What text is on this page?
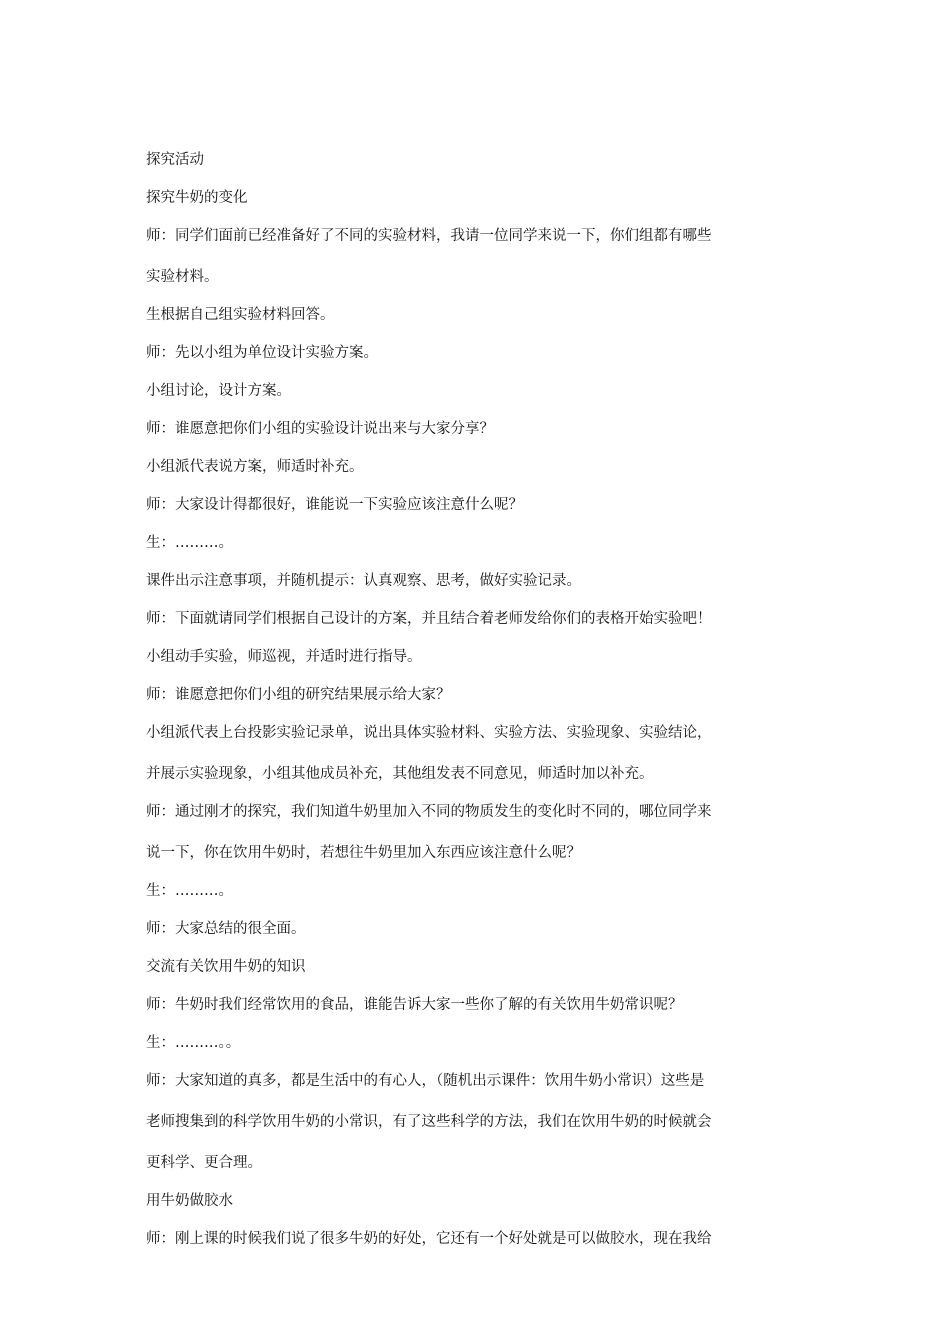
探究活动

探究牛奶的变化

师：同学们面前已经准备好了不同的实验材料，我请一位同学来说一下，你们组都有哪些

实验材料。

生根据自己组实验材料回答。

师：先以小组为单位设计实验方案。

小组讨论，设计方案。

师：谁愿意把你们小组的实验设计说出来与大家分享？

小组派代表说方案，师适时补充。

师：大家设计得都很好，谁能说一下实验应该注意什么呢？

生：………。

课件出示注意事项，并随机提示：认真观察、思考，做好实验记录。

师：下面就请同学们根据自己设计的方案，并且结合着老师发给你们的表格开始实验吧！

小组动手实验，师巡视，并适时进行指导。

师：谁愿意把你们小组的研究结果展示给大家？

小组派代表上台投影实验记录单，说出具体实验材料、实验方法、实验现象、实验结论，

并展示实验现象，小组其他成员补充，其他组发表不同意见，师适时加以补充。

师：通过刚才的探究，我们知道牛奶里加入不同的物质发生的变化时不同的，哪位同学来

说一下，你在饮用牛奶时，若想往牛奶里加入东西应该注意什么呢？

生：………。

师：大家总结的很全面。

交流有关饮用牛奶的知识

师：牛奶时我们经常饮用的食品，谁能告诉大家一些你了解的有关饮用牛奶常识呢？

生：………。。

师：大家知道的真多，都是生活中的有心人，（随机出示课件：饮用牛奶小常识）这些是

老师搜集到的科学饮用牛奶的小常识，有了这些科学的方法，我们在饮用牛奶的时候就会

更科学、更合理。

用牛奶做胶水

师：刚上课的时候我们说了很多牛奶的好处，它还有一个好处就是可以做胶水，现在我给
